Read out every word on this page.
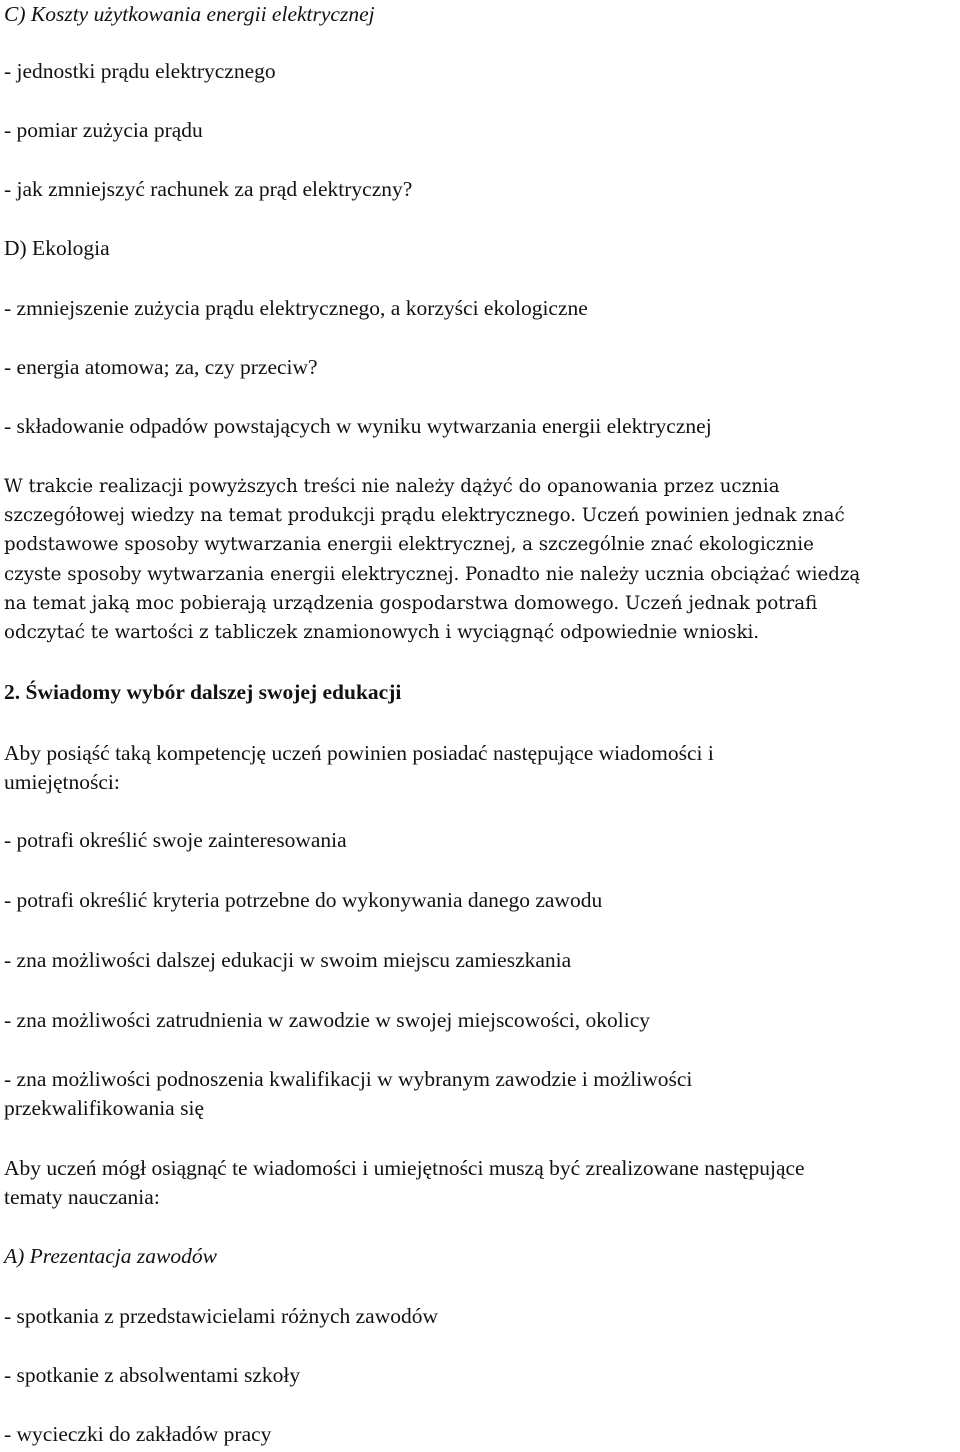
C) Koszty użytkowania energii elektrycznej

- jednostki prądu elektrycznego

- pomiar zużycia prądu

- jak zmniejszyć rachunek za prąd elektryczny?

D) Ekologia

- zmniejszenie zużycia prądu elektrycznego, a korzyści ekologiczne

- energia atomowa; za, czy przeciw?

- składowanie odpadów powstających w wyniku wytwarzania energii elektrycznej

W trakcie realizacji powyższych treści nie należy dążyć do opanowania przez ucznia
szczegółowej wiedzy na temat produkcji prądu elektrycznego. Uczeń powinien jednak znać
podstawowe sposoby wytwarzania energii elektrycznej, a szczególnie znać ekologicznie
czyste sposoby wytwarzania energii elektrycznej. Ponadto nie należy ucznia obciążać wiedzą
na temat jaką moc pobierają urządzenia gospodarstwa domowego. Uczeń jednak potrafi
odczytać te wartości z tabliczek znamionowych i wyciągnąć odpowiednie wnioski.

2. Świadomy wybór dalszej swojej edukacji

Aby posiąść taką kompetencję uczeń powinien posiadać następujące wiadomości i

umiejętności:

- potrafi określić swoje zainteresowania

- potrafi określić kryteria potrzebne do wykonywania danego zawodu

- zna możliwości dalszej edukacji w swoim miejscu zamieszkania

- zna możliwości zatrudnienia w zawodzie w swojej miejscowości, okolicy

- zna możliwości podnoszenia kwalifikacji w wybranym zawodzie i możliwości

przekwalifikowania się

Aby uczeń mógł osiągnąć te wiadomości i umiejętności muszą być zrealizowane następujące

tematy nauczania:

A) Prezentacja zawodów

- spotkania z przedstawicielami różnych zawodów

- spotkanie z absolwentami szkoły

- wycieczki do zakładów pracy
